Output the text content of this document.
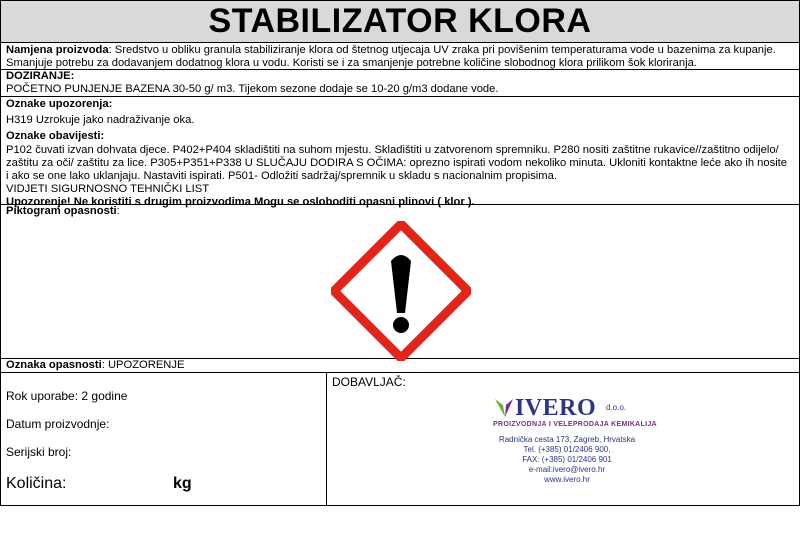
STABILIZATOR KLORA
Namjena proizvoda: Sredstvo u obliku granula stabiliziranje klora od štetnog utjecaja UV zraka pri povišenim temperaturama vode u bazenima za kupanje.
Smanjuje potrebu za dodavanjem dodatnog klora u vodu. Koristi se i za smanjenje potrebne količine slobodnog klora prilikom šok kloriranja.
DOZIRANJE:
POČETNO PUNJENJE BAZENA 30-50 g/ m3. Tijekom sezone dodaje se 10-20 g/m3 dodane vode.
Oznake upozorenja:
H319 Uzrokuje jako nadraživanje oka.
Oznake obavijesti:
P102 čuvati izvan dohvata djece. P402+P404 skladištiti na suhom mjestu. Skladištiti u zatvorenom spremniku. P280 nositi zaštitne rukavice//zaštitno odijelo/
zaštitu za oči/ zaštitu za lice. P305+P351+P338 U SLUČAJU DODIRA S OČIMA: oprezno ispirati vodom nekoliko minuta. Ukloniti kontaktne leće ako ih nosite
i ako se one lako uklanjaju. Nastaviti ispirati. P501- Odložiti sadržaj/spremnik u skladu s nacionalnim propisima.
VIDJETI SIGURNOSNO TEHNIČKI LIST
Upozorenje! Ne koristiti s drugim proizvodima Mogu se osloboditi opasni plinovi ( klor ).
Piktogram opasnosti:
Oznaka opasnosti: UPOZORENJE
Rok uporabe: 2 godine
Datum proizvodnje:
Serijski broj:
Količina:	kg
DOBAVLJAČ:
IVERO d.o.o.
PROIZVODNJA I VELEPRODAJA KEMIKALIJA
Radnička cesta 173, Zagreb, Hrvatska
Tel. (+385) 01/2406 900,
FAX: (+385) 01/2406 901
e-mail:ivero@ivero.hr
www.ivero.hr
